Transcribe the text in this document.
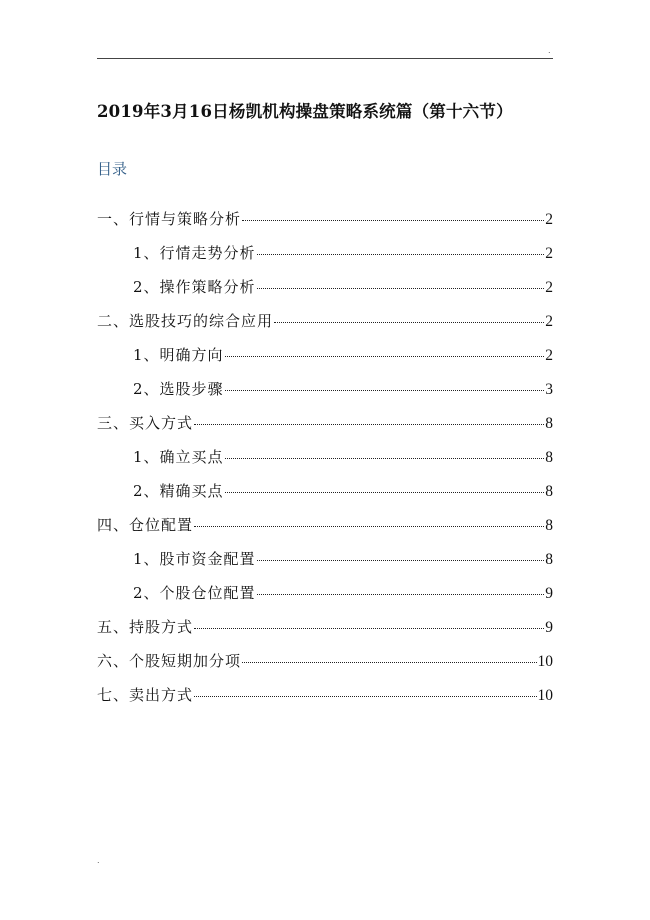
.
2019年3月16日杨凯机构操盘策略系统篇（第十六节）
目录
一、行情与策略分析	2
1、行情走势分析	2
2、操作策略分析	2
二、选股技巧的综合应用	2
1、明确方向	2
2、选股步骤	3
三、买入方式	8
1、确立买点	8
2、精确买点	8
四、仓位配置	8
1、股市资金配置	8
2、个股仓位配置	9
五、持股方式	9
六、个股短期加分项	10
七、卖出方式	10
.
